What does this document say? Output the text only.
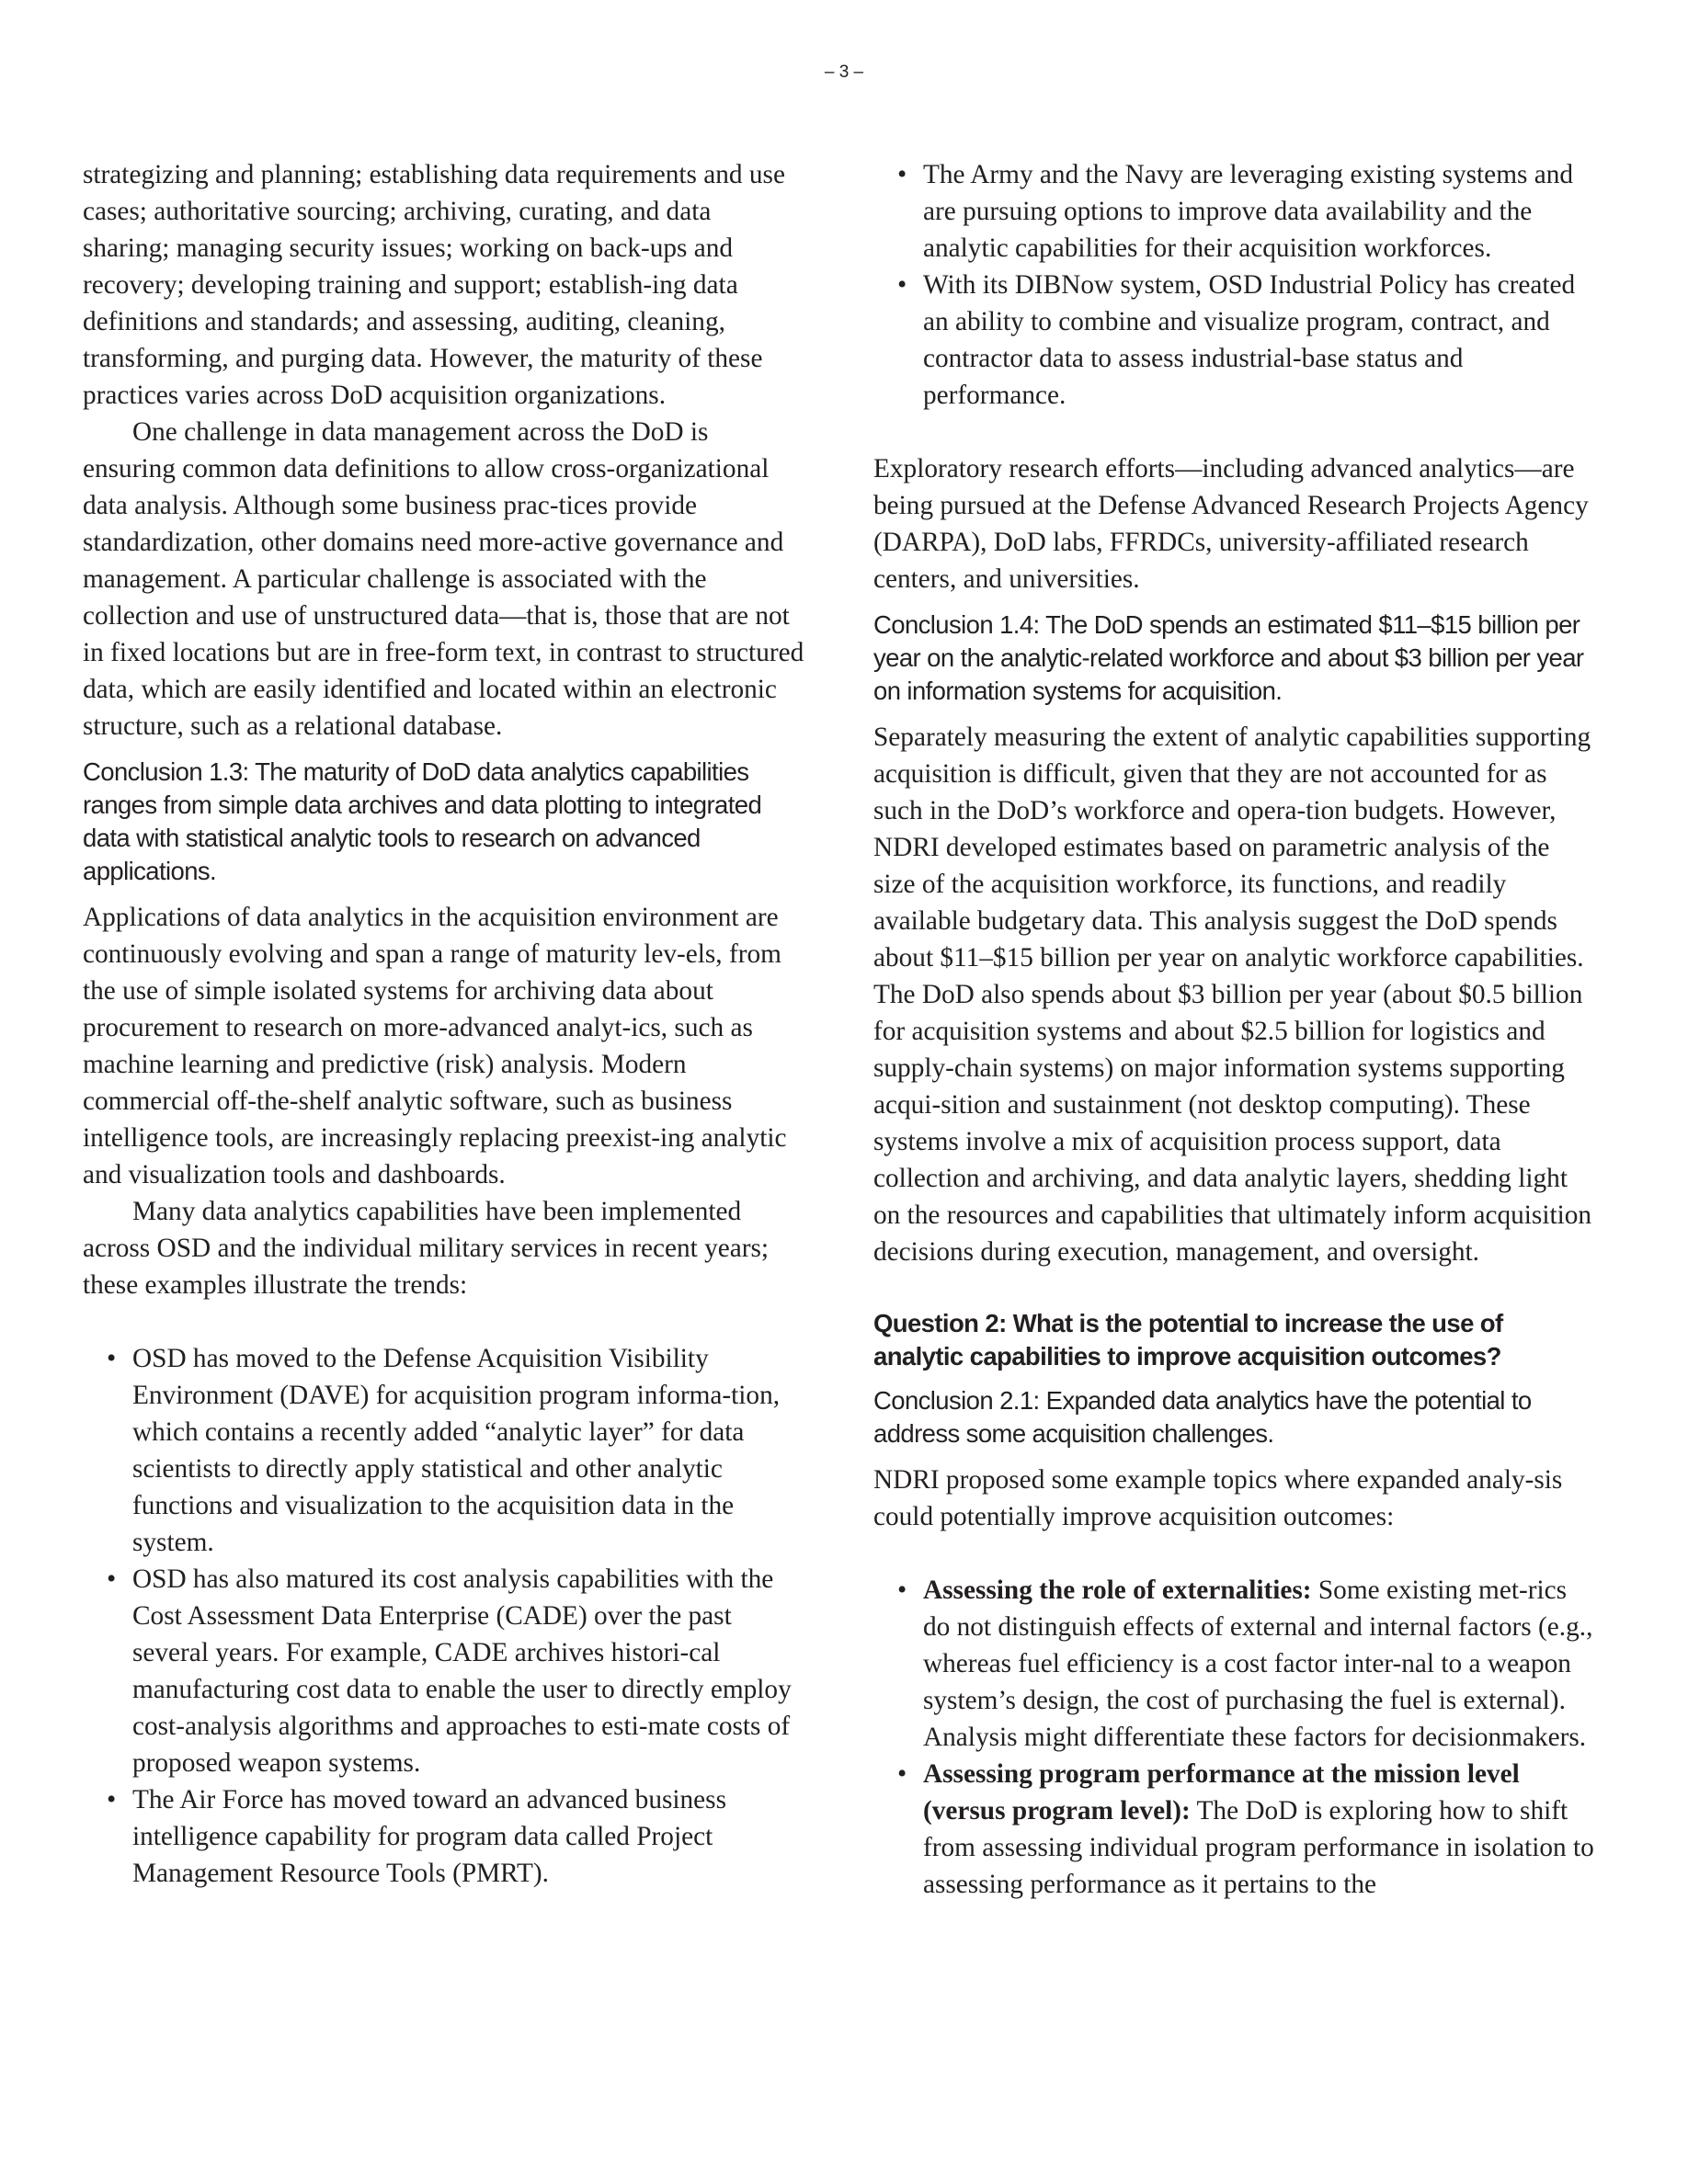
– 3 –

strategizing and planning; establishing data requirements and use cases; authoritative sourcing; archiving, curating, and data sharing; managing security issues; working on back-ups and recovery; developing training and support; establish-ing data definitions and standards; and assessing, auditing, cleaning, transforming, and purging data. However, the maturity of these practices varies across DoD acquisition organizations.

One challenge in data management across the DoD is ensuring common data definitions to allow cross-organizational data analysis. Although some business prac-tices provide standardization, other domains need more-active governance and management. A particular challenge is associated with the collection and use of unstructured data—that is, those that are not in fixed locations but are in free-form text, in contrast to structured data, which are easily identified and located within an electronic structure, such as a relational database.

Conclusion 1.3: The maturity of DoD data analytics capabilities ranges from simple data archives and data plotting to integrated data with statistical analytic tools to research on advanced applications.

Applications of data analytics in the acquisition environment are continuously evolving and span a range of maturity lev-els, from the use of simple isolated systems for archiving data about procurement to research on more-advanced analyt-ics, such as machine learning and predictive (risk) analysis. Modern commercial off-the-shelf analytic software, such as business intelligence tools, are increasingly replacing preexist-ing analytic and visualization tools and dashboards.

Many data analytics capabilities have been implemented across OSD and the individual military services in recent years; these examples illustrate the trends:

• OSD has moved to the Defense Acquisition Visibility Environment (DAVE) for acquisition program informa-tion, which contains a recently added “analytic layer” for data scientists to directly apply statistical and other analytic functions and visualization to the acquisition data in the system.
• OSD has also matured its cost analysis capabilities with the Cost Assessment Data Enterprise (CADE) over the past several years. For example, CADE archives histori-cal manufacturing cost data to enable the user to directly employ cost-analysis algorithms and approaches to esti-mate costs of proposed weapon systems.
• The Air Force has moved toward an advanced business intelligence capability for program data called Project Management Resource Tools (PMRT).
• The Army and the Navy are leveraging existing systems and are pursuing options to improve data availability and the analytic capabilities for their acquisition workforces.
• With its DIBNow system, OSD Industrial Policy has created an ability to combine and visualize program, contract, and contractor data to assess industrial-base status and performance.

Exploratory research efforts—including advanced analytics—are being pursued at the Defense Advanced Research Projects Agency (DARPA), DoD labs, FFRDCs, university-affiliated research centers, and universities.

Conclusion 1.4: The DoD spends an estimated $11–$15 billion per year on the analytic-related workforce and about $3 billion per year on information systems for acquisition.

Separately measuring the extent of analytic capabilities supporting acquisition is difficult, given that they are not accounted for as such in the DoD’s workforce and opera-tion budgets. However, NDRI developed estimates based on parametric analysis of the size of the acquisition workforce, its functions, and readily available budgetary data. This analysis suggest the DoD spends about $11–$15 billion per year on analytic workforce capabilities. The DoD also spends about $3 billion per year (about $0.5 billion for acquisition systems and about $2.5 billion for logistics and supply-chain systems) on major information systems supporting acqui-sition and sustainment (not desktop computing). These systems involve a mix of acquisition process support, data collection and archiving, and data analytic layers, shedding light on the resources and capabilities that ultimately inform acquisition decisions during execution, management, and oversight.

Question 2: What is the potential to increase the use of analytic capabilities to improve acquisition outcomes?

Conclusion 2.1: Expanded data analytics have the potential to address some acquisition challenges.

NDRI proposed some example topics where expanded analy-sis could potentially improve acquisition outcomes:

• Assessing the role of externalities: Some existing met-rics do not distinguish effects of external and internal factors (e.g., whereas fuel efficiency is a cost factor inter-nal to a weapon system’s design, the cost of purchasing the fuel is external). Analysis might differentiate these factors for decisionmakers.
• Assessing program performance at the mission level (versus program level): The DoD is exploring how to shift from assessing individual program performance in isolation to assessing performance as it pertains to the
